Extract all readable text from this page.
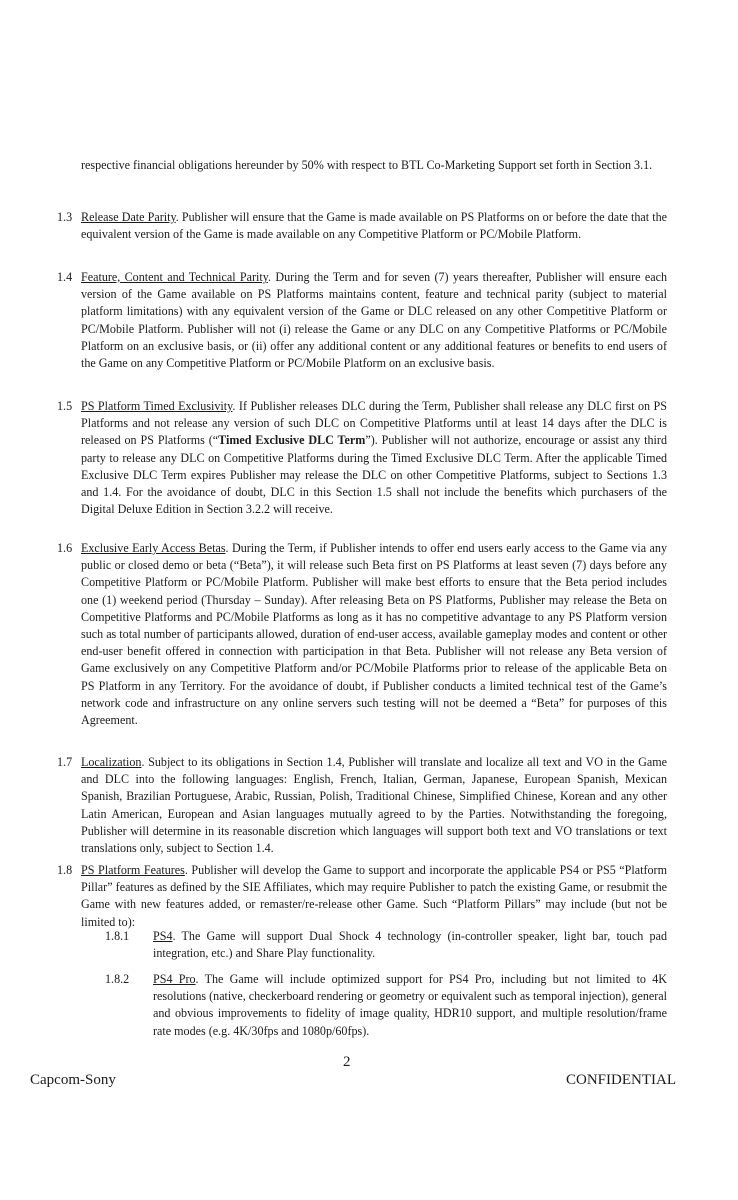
respective financial obligations hereunder by 50% with respect to BTL Co-Marketing Support set forth in Section 3.1.

1.3 Release Date Parity. Publisher will ensure that the Game is made available on PS Platforms on or before the date that the equivalent version of the Game is made available on any Competitive Platform or PC/Mobile Platform.

1.4 Feature, Content and Technical Parity. During the Term and for seven (7) years thereafter, Publisher will ensure each version of the Game available on PS Platforms maintains content, feature and technical parity (subject to material platform limitations) with any equivalent version of the Game or DLC released on any other Competitive Platform or PC/Mobile Platform. Publisher will not (i) release the Game or any DLC on any Competitive Platforms or PC/Mobile Platform on an exclusive basis, or (ii) offer any additional content or any additional features or benefits to end users of the Game on any Competitive Platform or PC/Mobile Platform on an exclusive basis.

1.5 PS Platform Timed Exclusivity. If Publisher releases DLC during the Term, Publisher shall release any DLC first on PS Platforms and not release any version of such DLC on Competitive Platforms until at least 14 days after the DLC is released on PS Platforms (“Timed Exclusive DLC Term”). Publisher will not authorize, encourage or assist any third party to release any DLC on Competitive Platforms during the Timed Exclusive DLC Term. After the applicable Timed Exclusive DLC Term expires Publisher may release the DLC on other Competitive Platforms, subject to Sections 1.3 and 1.4. For the avoidance of doubt, DLC in this Section 1.5 shall not include the benefits which purchasers of the Digital Deluxe Edition in Section 3.2.2 will receive.

1.6 Exclusive Early Access Betas. During the Term, if Publisher intends to offer end users early access to the Game via any public or closed demo or beta (“Beta”), it will release such Beta first on PS Platforms at least seven (7) days before any Competitive Platform or PC/Mobile Platform. Publisher will make best efforts to ensure that the Beta period includes one (1) weekend period (Thursday – Sunday). After releasing Beta on PS Platforms, Publisher may release the Beta on Competitive Platforms and PC/Mobile Platforms as long as it has no competitive advantage to any PS Platform version such as total number of participants allowed, duration of end-user access, available gameplay modes and content or other end-user benefit offered in connection with participation in that Beta. Publisher will not release any Beta version of Game exclusively on any Competitive Platform and/or PC/Mobile Platforms prior to release of the applicable Beta on PS Platform in any Territory. For the avoidance of doubt, if Publisher conducts a limited technical test of the Game’s network code and infrastructure on any online servers such testing will not be deemed a “Beta” for purposes of this Agreement.

1.7 Localization. Subject to its obligations in Section 1.4, Publisher will translate and localize all text and VO in the Game and DLC into the following languages: English, French, Italian, German, Japanese, European Spanish, Mexican Spanish, Brazilian Portuguese, Arabic, Russian, Polish, Traditional Chinese, Simplified Chinese, Korean and any other Latin American, European and Asian languages mutually agreed to by the Parties. Notwithstanding the foregoing, Publisher will determine in its reasonable discretion which languages will support both text and VO translations or text translations only, subject to Section 1.4.

1.8 PS Platform Features. Publisher will develop the Game to support and incorporate the applicable PS4 or PS5 “Platform Pillar” features as defined by the SIE Affiliates, which may require Publisher to patch the existing Game, or resubmit the Game with new features added, or remaster/re-release other Game. Such “Platform Pillars” may include (but not be limited to):

1.8.1 PS4. The Game will support Dual Shock 4 technology (in-controller speaker, light bar, touch pad integration, etc.) and Share Play functionality.

1.8.2 PS4 Pro. The Game will include optimized support for PS4 Pro, including but not limited to 4K resolutions (native, checkerboard rendering or geometry or equivalent such as temporal injection), general and obvious improvements to fidelity of image quality, HDR10 support, and multiple resolution/frame rate modes (e.g. 4K/30fps and 1080p/60fps).

2
Capcom-Sony	CONFIDENTIAL
